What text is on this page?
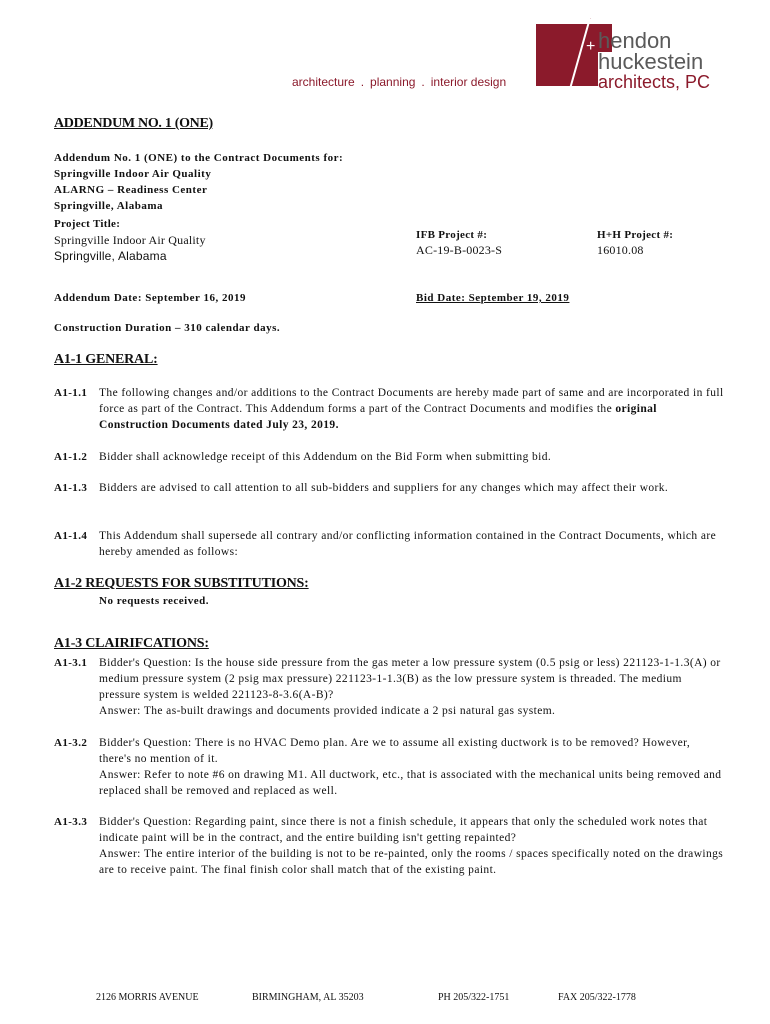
+ hendon
huckestein
architects, PC
architecture . planning . interior design
ADDENDUM NO. 1 (ONE)
Addendum No. 1 (ONE) to the Contract Documents for:
Springville Indoor Air Quality
ALARNG – Readiness Center
Springville, Alabama
Project Title:
Springville Indoor Air Quality
Springville, Alabama
IFB Project #:
AC-19-B-0023-S
H+H Project #:
16010.08
Addendum Date: September 16, 2019	Bid Date: September 19, 2019
Construction Duration – 310 calendar days.
A1-1 GENERAL:
A1-1.1 The following changes and/or additions to the Contract Documents are hereby made part of same and are incorporated in full force as part of the Contract. This Addendum forms a part of the Contract Documents and modifies the original Construction Documents dated July 23, 2019.
A1-1.2 Bidder shall acknowledge receipt of this Addendum on the Bid Form when submitting bid.
A1-1.3 Bidders are advised to call attention to all sub-bidders and suppliers for any changes which may affect their work.
A1-1.4 This Addendum shall supersede all contrary and/or conflicting information contained in the Contract Documents, which are hereby amended as follows:
A1-2 REQUESTS FOR SUBSTITUTIONS:
No requests received.
A1-3 CLAIRIFCATIONS:
A1-3.1 Bidder's Question: Is the house side pressure from the gas meter a low pressure system (0.5 psig or less) 221123-1-1.3(A) or medium pressure system (2 psig max pressure) 221123-1-1.3(B) as the low pressure system is threaded. The medium pressure system is welded 221123-8-3.6(A-B)?
Answer: The as-built drawings and documents provided indicate a 2 psi natural gas system.
A1-3.2 Bidder's Question: There is no HVAC Demo plan. Are we to assume all existing ductwork is to be removed? However, there's no mention of it.
Answer: Refer to note #6 on drawing M1. All ductwork, etc., that is associated with the mechanical units being removed and replaced shall be removed and replaced as well.
A1-3.3 Bidder's Question: Regarding paint, since there is not a finish schedule, it appears that only the scheduled work notes that indicate paint will be in the contract, and the entire building isn't getting repainted?
Answer: The entire interior of the building is not to be re-painted, only the rooms / spaces specifically noted on the drawings are to receive paint. The final finish color shall match that of the existing paint.
2126 MORRIS AVENUE	BIRMINGHAM, AL 35203	PH 205/322-1751	FAX 205/322-1778
